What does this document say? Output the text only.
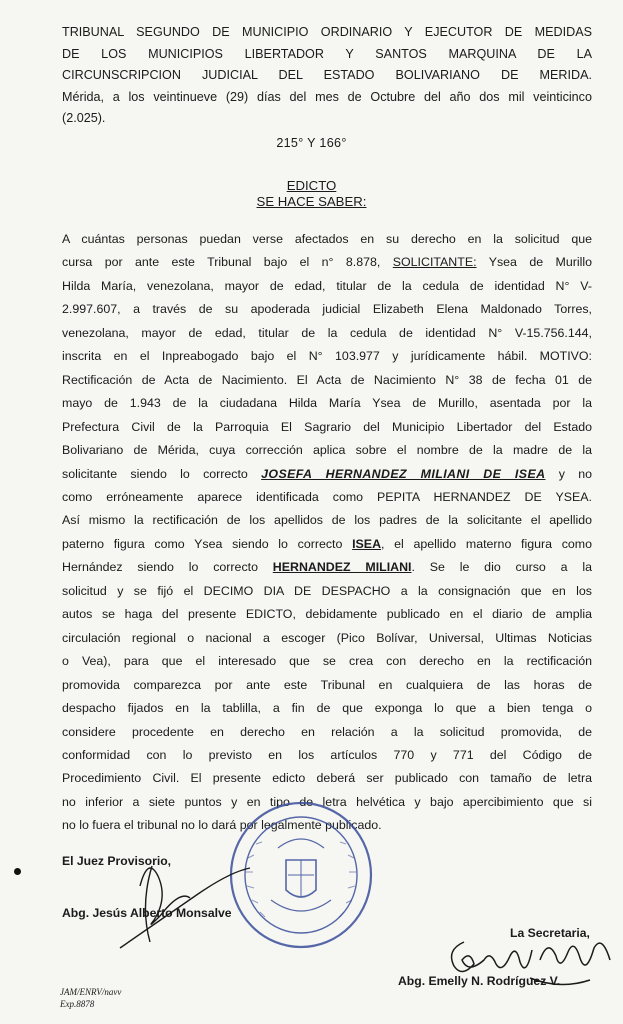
TRIBUNAL SEGUNDO DE MUNICIPIO ORDINARIO Y EJECUTOR DE MEDIDAS
DE LOS MUNICIPIOS LIBERTADOR Y SANTOS MARQUINA DE LA
CIRCUNSCRIPCION JUDICIAL DEL ESTADO BOLIVARIANO DE MERIDA.
Mérida, a los veintinueve (29) días del mes de Octubre del año dos mil veinticinco
(2.025).
215° Y 166°
EDICTO
SE HACE SABER:
A cuántas personas puedan verse afectados en su derecho en la solicitud que
cursa por ante este Tribunal bajo el n° 8.878, SOLICITANTE: Ysea de Murillo
Hilda María, venezolana, mayor de edad, titular de la cedula de identidad N° V-
2.997.607, a través de su apoderada judicial Elizabeth Elena Maldonado Torres,
venezolana, mayor de edad, titular de la cedula de identidad N° V-15.756.144,
inscrita en el Inpreabogado bajo el N° 103.977 y jurídicamente hábil. MOTIVO:
Rectificación de Acta de Nacimiento. El Acta de Nacimiento N° 38 de fecha 01 de
mayo de 1.943 de la ciudadana Hilda María Ysea de Murillo, asentada por la
Prefectura Civil de la Parroquia El Sagrario del Municipio Libertador del Estado
Bolivariano de Mérida, cuya corrección aplica sobre el nombre de la madre de la
solicitante siendo lo correcto JOSEFA HERNANDEZ MILIANI DE ISEA y no
como erróneamente aparece identificada como PEPITA HERNANDEZ DE YSEA.
Así mismo la rectificación de los apellidos de los padres de la solicitante el apellido
paterno figura como Ysea siendo lo correcto ISEA, el apellido materno figura como
Hernández siendo lo correcto HERNANDEZ MILIANI. Se le dio curso a la
solicitud y se fijó el DECIMO DIA DE DESPACHO a la consignación que en los
autos se haga del presente EDICTO, debidamente publicado en el diario de amplia
circulación regional o nacional a escoger (Pico Bolívar, Universal, Ultimas Noticias
o Vea), para que el interesado que se crea con derecho en la rectificación
promovida comparezca por ante este Tribunal en cualquiera de las horas de
despacho fijados en la tablilla, a fin de que exponga lo que a bien tenga o
considere procedente en derecho en relación a la solicitud promovida, de
conformidad con lo previsto en los artículos 770 y 771 del Código de
Procedimiento Civil. El presente edicto deberá ser publicado con tamaño de letra
no inferior a siete puntos y en tipo de letra helvética y bajo apercibimiento que si
no lo fuera el tribunal no lo dará por legalmente publicado.
El Juez Provisorio,
Abg. Jesús Alberto Monsalve
La Secretaria,
Abg. Emelly N. Rodríguez V.
JAM/ENRV/navv
Exp.8878
